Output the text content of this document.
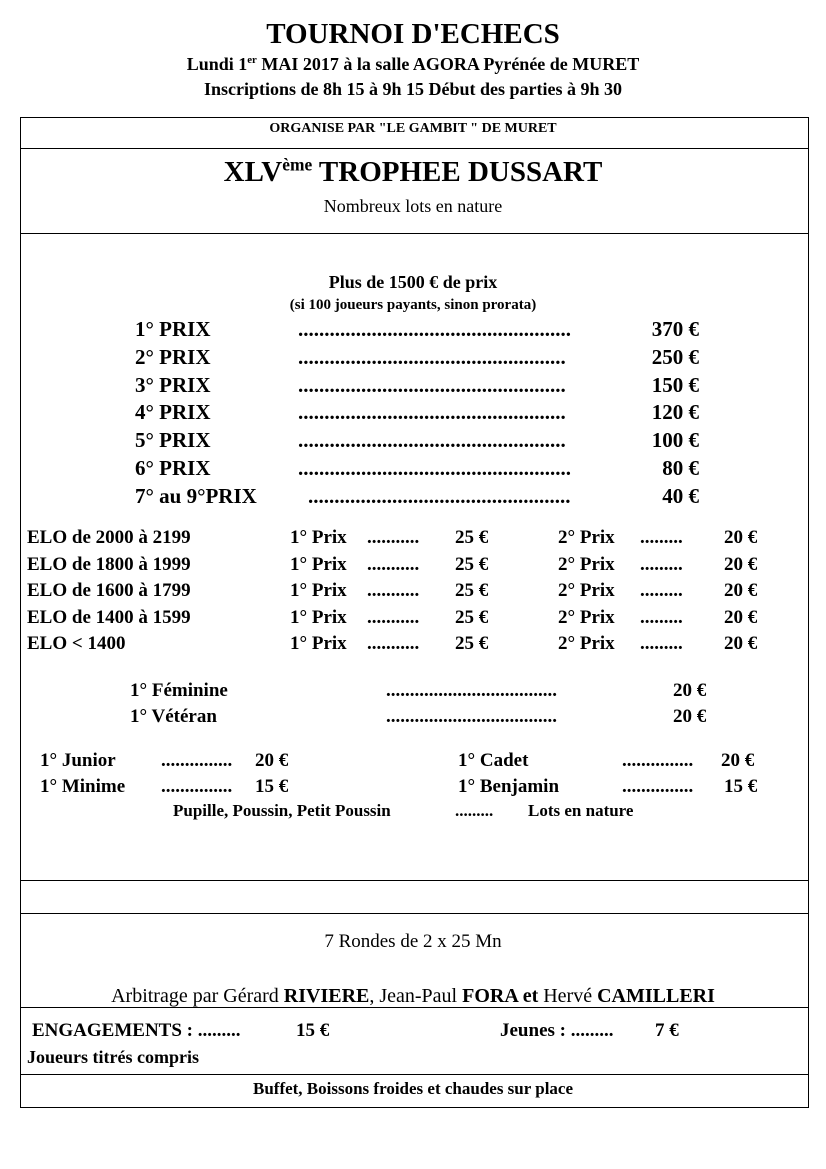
TOURNOI D'ECHECS
Lundi 1er MAI 2017 à la salle AGORA Pyrénée de MURET
Inscriptions de 8h 15 à 9h 15 Début des parties à 9h 30
ORGANISE PAR "LE GAMBIT " DE MURET
XLVème TROPHEE DUSSART
Nombreux lots en nature
Plus de 1500 € de prix
(si 100 joueurs payants, sinon prorata)
1° PRIX	....................................................	370 €
2° PRIX	...................................................	250 €
3° PRIX	...................................................	150 €
4° PRIX	...................................................	120 €
5° PRIX	...................................................	100 €
6° PRIX	....................................................	80 €
7° au 9°PRIX ..................................................	40 €
ELO de 2000 à 2199	1° Prix ........... 25 €	2° Prix ......... 20 €
ELO de 1800 à 1999	1° Prix ........... 25 €	2° Prix ......... 20 €
ELO de 1600 à 1799	1° Prix ........... 25 €	2° Prix ......... 20 €
ELO de 1400 à 1599	1° Prix ........... 25 €	2° Prix ......... 20 €
ELO < 1400	1° Prix ........... 25 €	2° Prix ......... 20 €
1° Féminine	....................................	20 €
1° Vétéran	....................................	20 €
1° Junior ............... 20 €	1° Cadet	............... 20 €
1° Minime ............... 15 €	1° Benjamin	............... 15 €
Pupille, Poussin, Petit Poussin	......... Lots en nature
7 Rondes de 2 x 25 Mn
Arbitrage par Gérard RIVIERE, Jean-Paul FORA et Hervé CAMILLERI
ENGAGEMENTS : .........	15 €	Jeunes : ......... 7 €
Joueurs titrés compris
Buffet, Boissons froides et chaudes sur place
